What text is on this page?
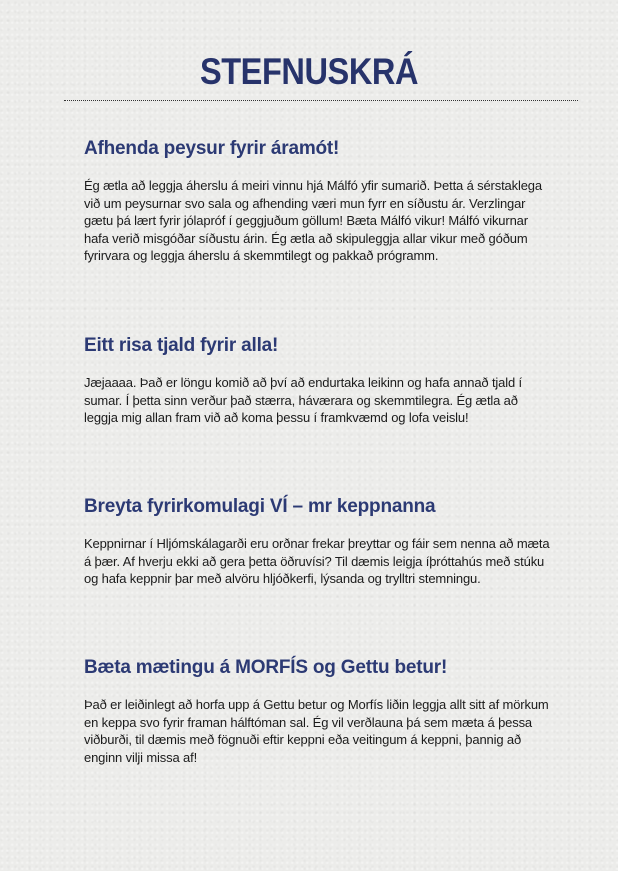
STEFNUSKRÁ
Afhenda peysur fyrir áramót!

Ég ætla að leggja áherslu á meiri vinnu hjá Málfó yfir sumarið. Þetta á sérstaklega við um peysurnar svo sala og afhending væri mun fyrr en síðustu ár. Verzlingar gætu þá lært fyrir jólapróf í geggjuðum göllum! Bæta Málfó vikur! Málfó vikurnar hafa verið misgóðar síðustu árin. Ég ætla að skipuleggja allar vikur með góðum fyrirvara og leggja áherslu á skemmtilegt og pakkað prógramm.

Eitt risa tjald fyrir alla!

Jæjaaaa. Það er löngu komið að því að endurtaka leikinn og hafa annað tjald í sumar. Í þetta sinn verður það stærra, háværara og skemmtilegra. Ég ætla að leggja mig allan fram við að koma þessu í framkvæmd og lofa veislu!

Breyta fyrirkomulagi VÍ – mr keppnanna

Keppnirnar í Hljómskálagarði eru orðnar frekar þreyttar og fáir sem nenna að mæta á þær. Af hverju ekki að gera þetta öðruvísi? Til dæmis leigja íþróttahús með stúku og hafa keppnir þar með alvöru hljóðkerfi, lýsanda og trylltri stemningu.

Bæta mætingu á MORFÍS og Gettu betur!

Það er leiðinlegt að horfa upp á Gettu betur og Morfís liðin leggja allt sitt af mörkum en keppa svo fyrir framan hálftóman sal. Ég vil verðlauna þá sem mæta á þessa viðburði, til dæmis með fögnuði eftir keppni eða veitingum á keppni, þannig að enginn vilji missa af!
